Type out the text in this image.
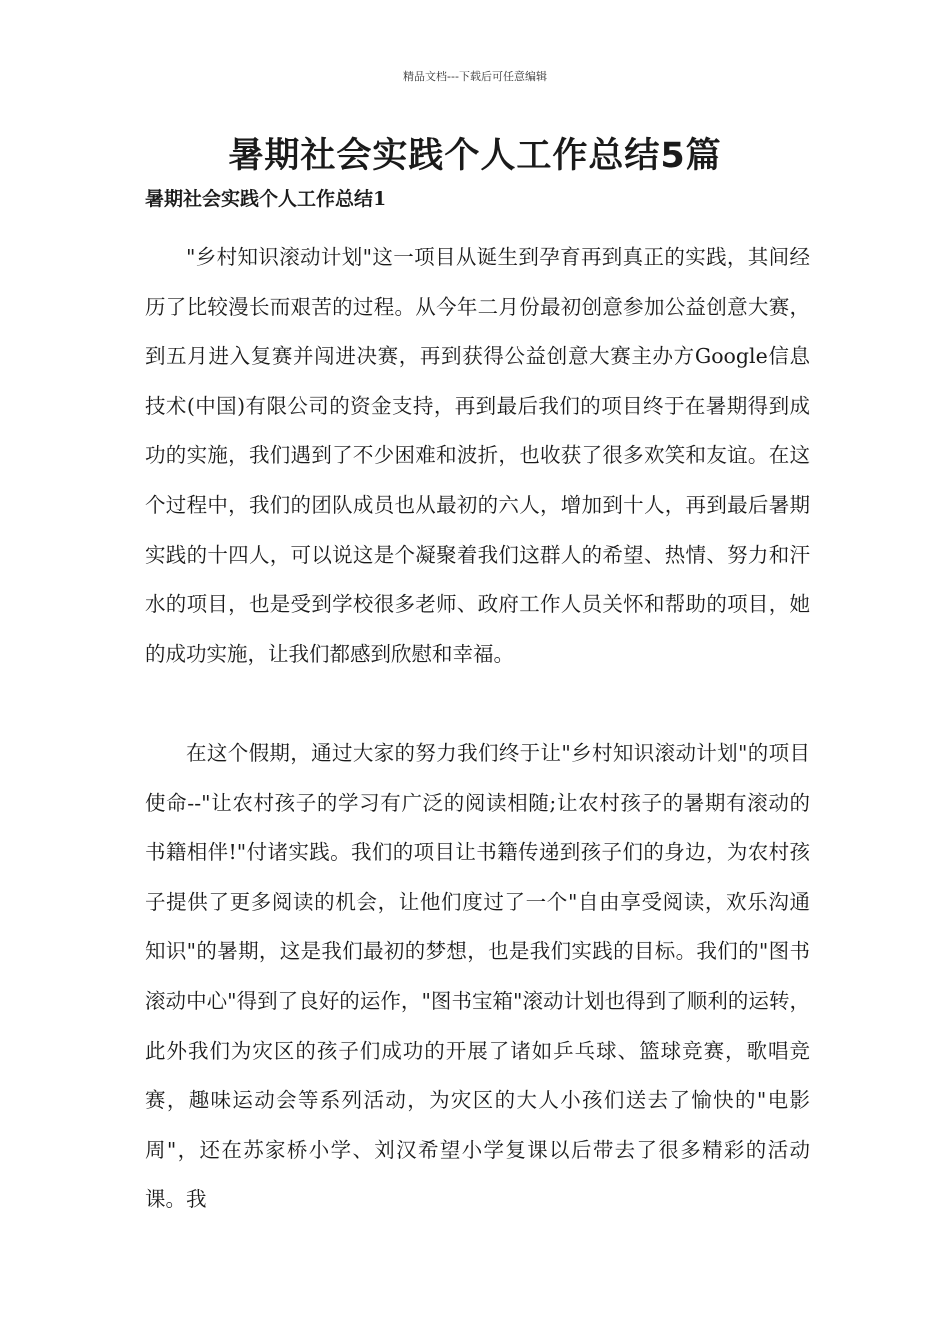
精品文档---下载后可任意编辑
暑期社会实践个人工作总结5篇
暑期社会实践个人工作总结1

"乡村知识滚动计划"这一项目从诞生到孕育再到真正的实践，其间经历了比较漫长而艰苦的过程。从今年二月份最初创意参加公益创意大赛，到五月进入复赛并闯进决赛，再到获得公益创意大赛主办方Google信息技术(中国)有限公司的资金支持，再到最后我们的项目终于在暑期得到成功的实施，我们遇到了不少困难和波折，也收获了很多欢笑和友谊。在这个过程中，我们的团队成员也从最初的六人，增加到十人，再到最后暑期实践的十四人，可以说这是个凝聚着我们这群人的希望、热情、努力和汗水的项目，也是受到学校很多老师、政府工作人员关怀和帮助的项目，她的成功实施，让我们都感到欣慰和幸福。

在这个假期，通过大家的努力我们终于让"乡村知识滚动计划"的项目使命--"让农村孩子的学习有广泛的阅读相随;让农村孩子的暑期有滚动的书籍相伴!"付诸实践。我们的项目让书籍传递到孩子们的身边，为农村孩子提供了更多阅读的机会，让他们度过了一个"自由享受阅读，欢乐沟通知识"的暑期，这是我们最初的梦想，也是我们实践的目标。我们的"图书滚动中心"得到了良好的运作，"图书宝箱"滚动计划也得到了顺利的运转，此外我们为灾区的孩子们成功的开展了诸如乒乓球、篮球竞赛，歌唱竞赛，趣味运动会等系列活动，为灾区的大人小孩们送去了愉快的"电影周"，还在苏家桥小学、刘汉希望小学复课以后带去了很多精彩的活动课。我
